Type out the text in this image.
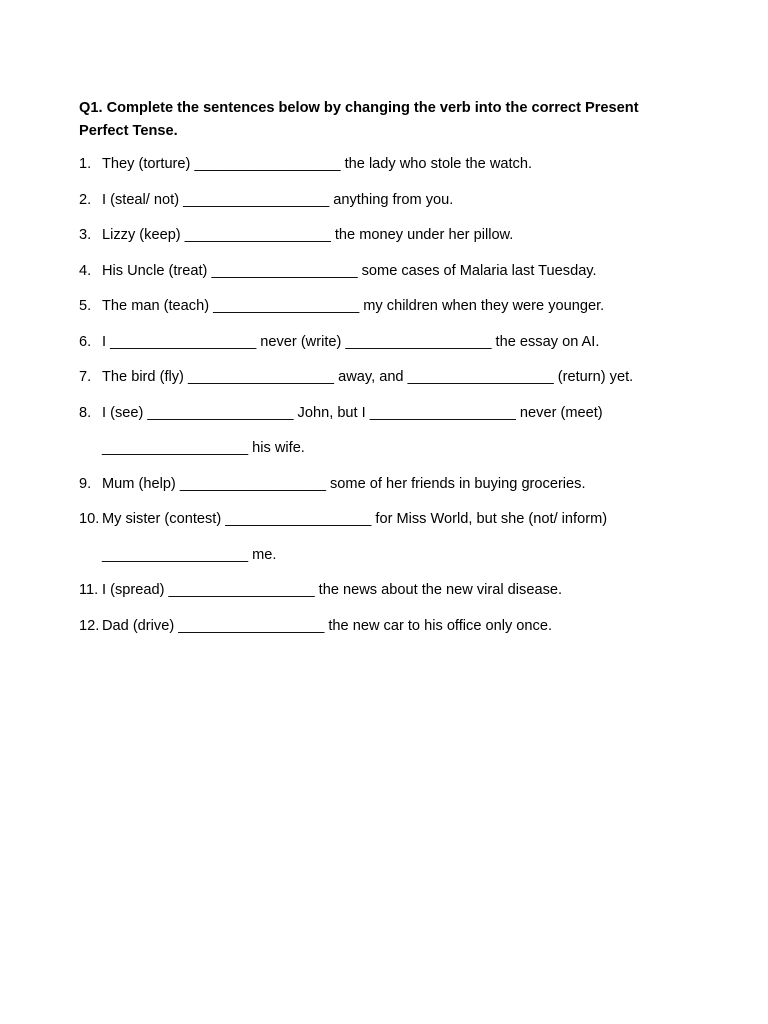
Q1. Complete the sentences below by changing the verb into the correct Present Perfect Tense.

1. They (torture) __________________ the lady who stole the watch.
2. I (steal/ not) __________________ anything from you.
3. Lizzy (keep) __________________ the money under her pillow.
4. His Uncle (treat) __________________ some cases of Malaria last Tuesday.
5. The man (teach) __________________ my children when they were younger.
6. I __________________ never (write) __________________ the essay on AI.
7. The bird (fly) __________________ away, and __________________ (return) yet.
8. I (see) __________________ John, but I __________________ never (meet)
__________________ his wife.
9. Mum (help) __________________ some of her friends in buying groceries.
10. My sister (contest) __________________ for Miss World, but she (not/ inform)
__________________ me.
11. I (spread) __________________ the news about the new viral disease.
12. Dad (drive) __________________ the new car to his office only once.
